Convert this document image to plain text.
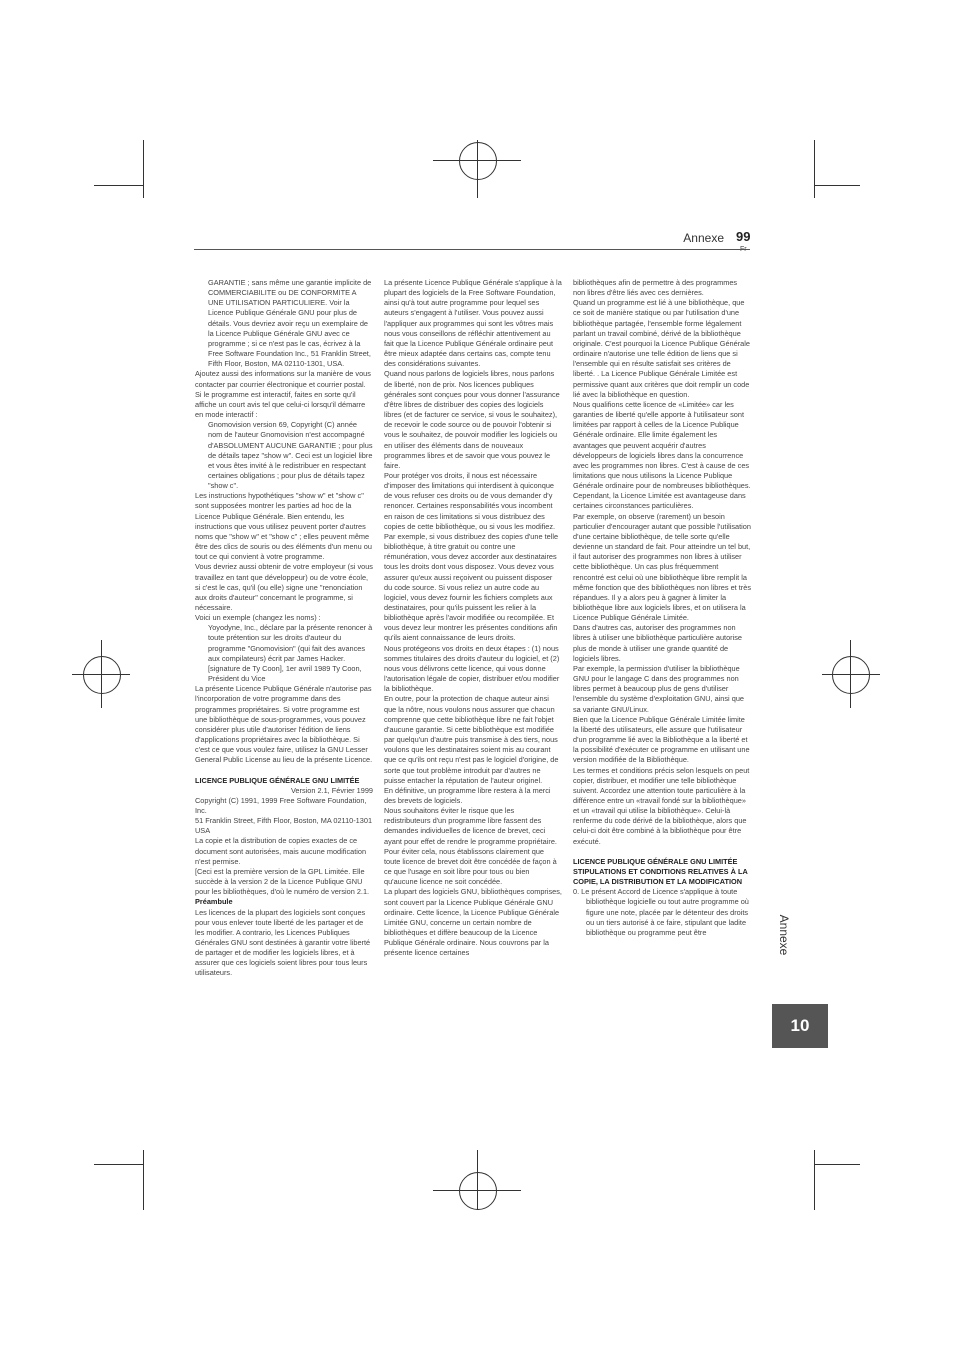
Annexe 99

GARANTIE ; sans même une garantie implicite de COMMERCIABILITE ou DE CONFORMITE A UNE UTILISATION PARTICULIERE. Voir la Licence Publique Générale GNU pour plus de détails. Vous devriez avoir reçu un exemplaire de la Licence Publique Générale GNU avec ce programme ; si ce n'est pas le cas, écrivez à la Free Software Foundation Inc., 51 Franklin Street, Fifth Floor, Boston, MA 02110-1301, USA.

Ajoutez aussi des informations sur la manière de vous contacter par courrier électronique et courrier postal.

Si le programme est interactif, faites en sorte qu'il affiche un court avis tel que celui-ci lorsqu'il démarre en mode interactif :

Gnomovision version 69, Copyright (C) année nom de l'auteur Gnomovision n'est accompagné d'ABSOLUMENT AUCUNE GARANTIE ; pour plus de détails tapez "show w". Ceci est un logiciel libre et vous êtes invité à le redistribuer en respectant certaines obligations ; pour plus de détails tapez "show c".

Les instructions hypothétiques "show w" et "show c" sont supposées montrer les parties ad hoc de la Licence Publique Générale. Bien entendu, les instructions que vous utilisez peuvent porter d'autres noms que "show w" et "show c" ; elles peuvent même être des clics de souris ou des éléments d'un menu ou tout ce qui convient à votre programme.

Vous devriez aussi obtenir de votre employeur (si vous travaillez en tant que développeur) ou de votre école, si c'est le cas, qu'il (ou elle) signe une "renonciation aux droits d'auteur" concernant le programme, si nécessaire.

Voici un exemple (changez les noms) :

Yoyodyne, Inc., déclare par la présente renoncer à toute prétention sur les droits d'auteur du programme "Gnomovision" (qui fait des avances aux compilateurs) écrit par James Hacker. [signature de Ty Coon], 1er avril 1989 Ty Coon, Président du Vice

La présente Licence Publique Générale n'autorise pas l'incorporation de votre programme dans des programmes propriétaires. Si votre programme est une bibliothèque de sous-programmes, vous pouvez considérer plus utile d'autoriser l'édition de liens d'applications propriétaires avec la bibliothèque. Si c'est ce que vous voulez faire, utilisez la GNU Lesser General Public License au lieu de la présente Licence.

LICENCE PUBLIQUE GÉNÉRALE GNU LIMITÉE

Version 2.1, Février 1999

Copyright (C) 1991, 1999 Free Software Foundation, Inc.

51 Franklin Street, Fifth Floor, Boston, MA 02110-1301 USA

La copie et la distribution de copies exactes de ce document sont autorisées, mais aucune modification n'est permise.

[Ceci est la première version de la GPL Limitée. Elle succède à la version 2 de la Licence Publique GNU pour les bibliothèques, d'où le numéro de version 2.1.

Préambule

Les licences de la plupart des logiciels sont conçues pour vous enlever toute liberté de les partager et de les modifier. A contrario, les Licences Publiques Générales GNU sont destinées à garantir votre liberté de partager et de modifier les logiciels libres, et à assurer que ces logiciels soient libres pour tous leurs utilisateurs.

La présente Licence Publique Générale s'applique à la plupart des logiciels de la Free Software Foundation, ainsi qu'à tout autre programme pour lequel ses auteurs s'engagent à l'utiliser. Vous pouvez aussi l'appliquer aux programmes qui sont les vôtres mais nous vous conseillons de réfléchir attentivement au fait que la Licence Publique Générale ordinaire peut être mieux adaptée dans certains cas, compte tenu des considérations suivantes.

Quand nous parlons de logiciels libres, nous parlons de liberté, non de prix. Nos licences publiques générales sont conçues pour vous donner l'assurance d'être libres de distribuer des copies des logiciels libres (et de facturer ce service, si vous le souhaitez), de recevoir le code source ou de pouvoir l'obtenir si vous le souhaitez, de pouvoir modifier les logiciels ou en utiliser des éléments dans de nouveaux programmes libres et de savoir que vous pouvez le faire.

Pour protéger vos droits, il nous est nécessaire d'imposer des limitations qui interdisent à quiconque de vous refuser ces droits ou de vous demander d'y renoncer. Certaines responsabilités vous incombent en raison de ces limitations si vous distribuez des copies de cette bibliothèque, ou si vous les modifiez.

Par exemple, si vous distribuez des copies d'une telle bibliothèque, à titre gratuit ou contre une rémunération, vous devez accorder aux destinataires tous les droits dont vous disposez. Vous devez vous assurer qu'eux aussi reçoivent ou puissent disposer du code source. Si vous reliez un autre code au logiciel, vous devez fournir les fichiers complets aux destinataires, pour qu'ils puissent les relier à la bibliothèque après l'avoir modifiée ou recompilée. Et vous devez leur montrer les présentes conditions afin qu'ils aient connaissance de leurs droits.

Nous protégeons vos droits en deux étapes : (1) nous sommes titulaires des droits d'auteur du logiciel, et (2) nous vous délivrons cette licence, qui vous donne l'autorisation légale de copier, distribuer et/ou modifier la bibliothèque.

En outre, pour la protection de chaque auteur ainsi que la nôtre, nous voulons nous assurer que chacun comprenne que cette bibliothèque libre ne fait l'objet d'aucune garantie. Si cette bibliothèque est modifiée par quelqu'un d'autre puis transmise à des tiers, nous voulons que les destinataires soient mis au courant que ce qu'ils ont reçu n'est pas le logiciel d'origine, de sorte que tout problème introduit par d'autres ne puisse entacher la réputation de l'auteur originel.

En définitive, un programme libre restera à la merci des brevets de logiciels.

Nous souhaitons éviter le risque que les redistributeurs d'un programme libre fassent des demandes individuelles de licence de brevet, ceci ayant pour effet de rendre le programme propriétaire. Pour éviter cela, nous établissons clairement que toute licence de brevet doit être concédée de façon à ce que l'usage en soit libre pour tous ou bien qu'aucune licence ne soit concédée.

La plupart des logiciels GNU, bibliothèques comprises, sont couvert par la Licence Publique Générale GNU ordinaire. Cette licence, la Licence Publique Générale Limitée GNU, concerne un certain nombre de bibliothèques et diffère beaucoup de la Licence Publique Générale ordinaire. Nous couvrons par la présente licence certaines

bibliothèques afin de permettre à des programmes non libres d'être liés avec ces dernières.

Quand un programme est lié à une bibliothèque, que ce soit de manière statique ou par l'utilisation d'une bibliothèque partagée, l'ensemble forme légalement parlant un travail combiné, dérivé de la bibliothèque originale. C'est pourquoi la Licence Publique Générale ordinaire n'autorise une telle édition de liens que si l'ensemble qui en résulte satisfait ses critères de liberté. . La Licence Publique Générale Limitée est permissive quant aux critères que doit remplir un code lié avec la bibliothèque en question.

Nous qualifions cette licence de «Limitée» car les garanties de liberté qu'elle apporte à l'utilisateur sont limitées par rapport à celles de la Licence Publique Générale ordinaire. Elle limite également les avantages que peuvent acquérir d'autres développeurs de logiciels libres dans la concurrence avec les programmes non libres. C'est à cause de ces limitations que nous utilisons la Licence Publique Générale ordinaire pour de nombreuses bibliothèques. Cependant, la Licence Limitée est avantageuse dans certaines circonstances particulières.

Par exemple, on observe (rarement) un besoin particulier d'encourager autant que possible l'utilisation d'une certaine bibliothèque, de telle sorte qu'elle devienne un standard de fait. Pour atteindre un tel but, il faut autoriser des programmes non libres à utiliser cette bibliothèque. Un cas plus fréquemment rencontré est celui où une bibliothèque libre remplit la même fonction que des bibliothèques non libres et très répandues. Il y a alors peu à gagner à limiter la bibliothèque libre aux logiciels libres, et on utilisera la Licence Publique Générale Limitée.

Dans d'autres cas, autoriser des programmes non libres à utiliser une bibliothèque particulière autorise plus de monde à utiliser une grande quantité de logiciels libres.

Par exemple, la permission d'utiliser la bibliothèque GNU pour le langage C dans des programmes non libres permet à beaucoup plus de gens d'utiliser l'ensemble du système d'exploitation GNU, ainsi que sa variante GNU/Linux.

Bien que la Licence Publique Générale Limitée limite la liberté des utilisateurs, elle assure que l'utilisateur d'un programme lié avec la Bibliothèque a la liberté et la possibilité d'exécuter ce programme en utilisant une version modifiée de la Bibliothèque.

Les termes et conditions précis selon lesquels on peut copier, distribuer, et modifier une telle bibliothèque suivent. Accordez une attention toute particulière à la différence entre un «travail fondé sur la bibliothèque» et un «travail qui utilise la bibliothèque». Celui-là renferme du code dérivé de la bibliothèque, alors que celui-ci doit être combiné à la bibliothèque pour être exécuté.

LICENCE PUBLIQUE GÉNÉRALE GNU LIMITÉE STIPULATIONS ET CONDITIONS RELATIVES À LA COPIE, LA DISTRIBUTION ET LA MODIFICATION

0. Le présent Accord de Licence s'applique à toute bibliothèque logicielle ou tout autre programme où figure une note, placée par le détenteur des droits ou un tiers autorisé à ce faire, stipulant que ladite bibliothèque ou programme peut être	Annexe
10
